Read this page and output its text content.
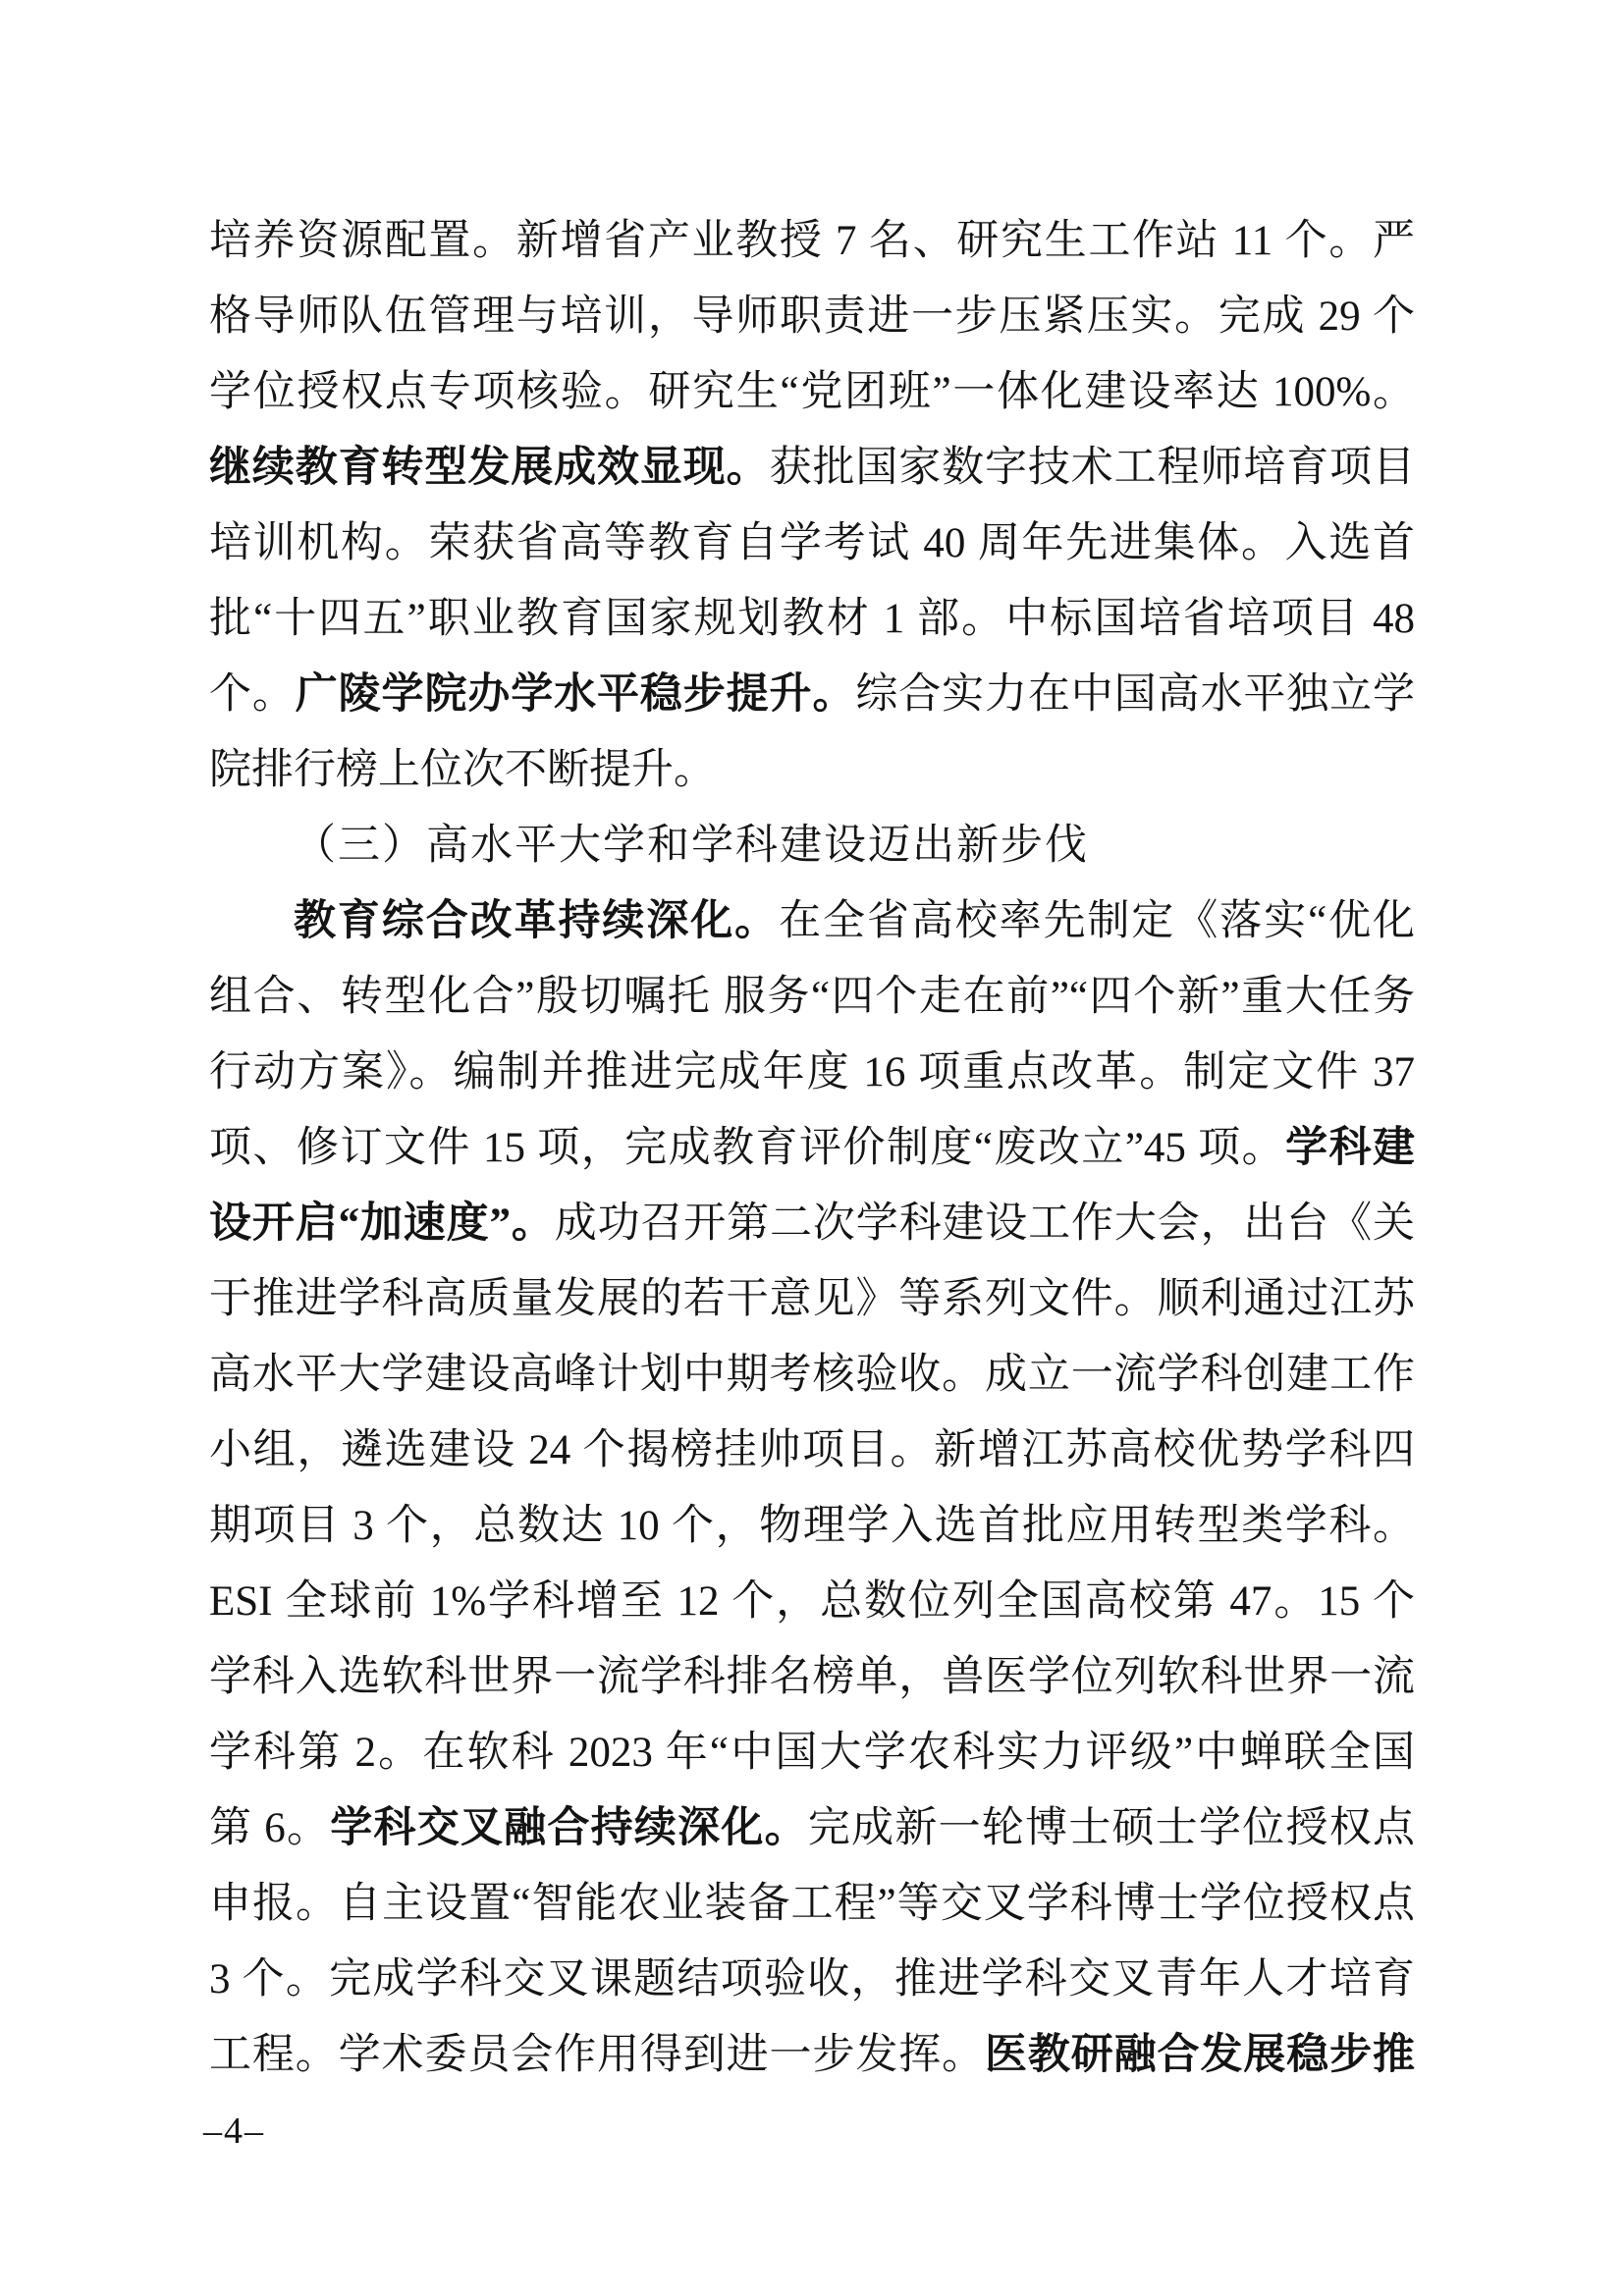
培养资源配置。新增省产业教授 7 名、研究生工作站 11 个。严
格导师队伍管理与培训，导师职责进一步压紧压实。完成 29 个
学位授权点专项核验。研究生“党团班”一体化建设率达 100%。
继续教育转型发展成效显现。获批国家数字技术工程师培育项目
培训机构。荣获省高等教育自学考试 40 周年先进集体。入选首
批“十四五”职业教育国家规划教材 1 部。中标国培省培项目 48
个。广陵学院办学水平稳步提升。综合实力在中国高水平独立学
院排行榜上位次不断提升。
（三）高水平大学和学科建设迈出新步伐
教育综合改革持续深化。在全省高校率先制定《落实“优化
组合、转型化合”殷切嘱托 服务“四个走在前”“四个新”重大任务
行动方案》。编制并推进完成年度 16 项重点改革。制定文件 37
项、修订文件 15 项，完成教育评价制度“废改立”45 项。学科建
设开启“加速度”。成功召开第二次学科建设工作大会，出台《关
于推进学科高质量发展的若干意见》等系列文件。顺利通过江苏
高水平大学建设高峰计划中期考核验收。成立一流学科创建工作
小组，遴选建设 24 个揭榜挂帅项目。新增江苏高校优势学科四
期项目 3 个，总数达 10 个，物理学入选首批应用转型类学科。
ESI 全球前 1%学科增至 12 个，总数位列全国高校第 47。15 个
学科入选软科世界一流学科排名榜单，兽医学位列软科世界一流
学科第 2。在软科 2023 年“中国大学农科实力评级”中蝉联全国
第 6。学科交叉融合持续深化。完成新一轮博士硕士学位授权点
申报。自主设置“智能农业装备工程”等交叉学科博士学位授权点
3 个。完成学科交叉课题结项验收，推进学科交叉青年人才培育
工程。学术委员会作用得到进一步发挥。医教研融合发展稳步推
–4–
